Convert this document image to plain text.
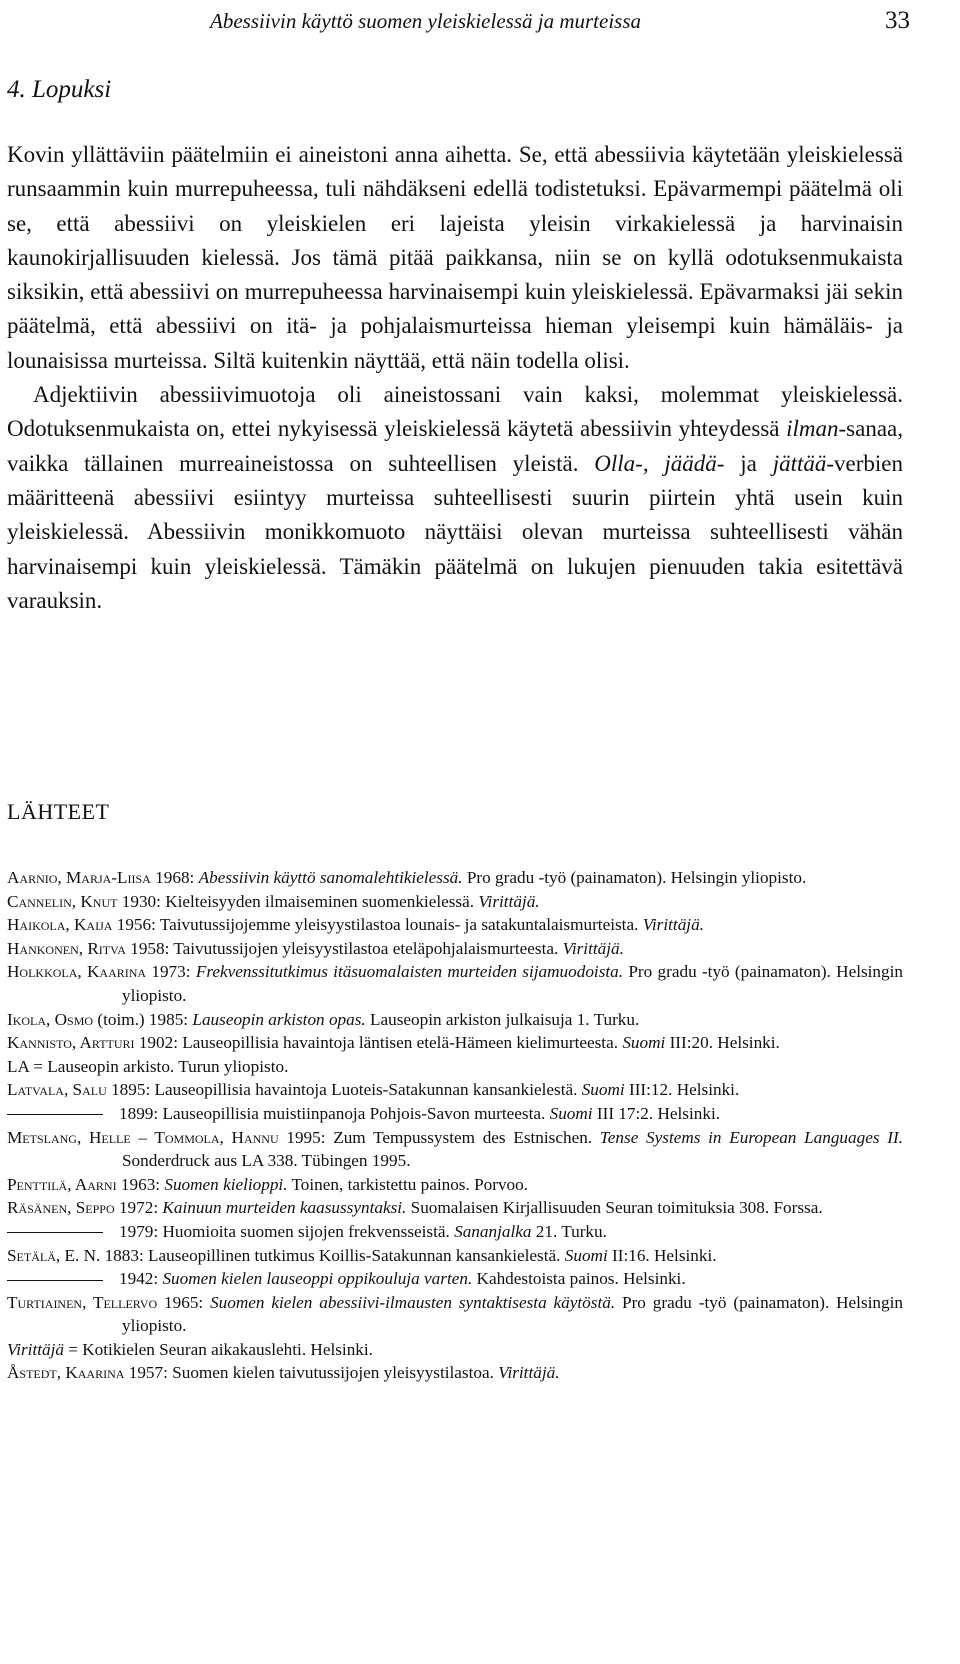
Abessiivin käyttö suomen yleiskielessä ja murteissa	33
4. Lopuksi

Kovin yllättäviin päätelmiin ei aineistoni anna aihetta. Se, että abessiivia käytetään yleiskielessä runsaammin kuin murrepuheessa, tuli nähdäkseni edellä todistetuksi. Epävarmempi päätelmä oli se, että abessiivi on yleiskielen eri lajeista yleisin virkakielessä ja harvinaisin kaunokirjallisuuden kielessä. Jos tämä pitää paikkansa, niin se on kyllä odotuksenmukaista siksikin, että abessiivi on murrepuheessa harvinaisempi kuin yleiskielessä. Epävarmaksi jäi sekin päätelmä, että abessiivi on itä- ja pohjalaismurteissa hieman yleisempi kuin hämäläis- ja lounaisissa murteissa. Siltä kuitenkin näyttää, että näin todella olisi.

Adjektiivin abessiivimuotoja oli aineistossani vain kaksi, molemmat yleiskielessä. Odotuksenmukaista on, ettei nykyisessä yleiskielessä käytetä abessiivin yhteydessä ilman-sanaa, vaikka tällainen murreaineistossa on suhteellisen yleistä. Olla-, jäädä- ja jättää-verbien määritteenä abessiivi esiintyy murteissa suhteellisesti suurin piirtein yhtä usein kuin yleiskielessä. Abessiivin monikkomuoto näyttäisi olevan murteissa suhteellisesti vähän harvinaisempi kuin yleiskielessä. Tämäkin päätelmä on lukujen pienuuden takia esitettävä varauksin.

LÄHTEET
Aarnio, Marja-Liisa 1968: Abessiivin käyttö sanomalehtikielessä. Pro gradu -työ (painamaton). Helsingin yliopisto.
Cannelin, Knut 1930: Kielteisyyden ilmaiseminen suomenkielessä. Virittäjä.
Haikola, Kaija 1956: Taivutussijojemme yleisyystilastoa lounais- ja satakuntalaismurteista. Virittäjä.
Hankonen, Ritva 1958: Taivutussijojen yleisyystilastoa eteläpohjalaismurteesta. Virittäjä.
Holkkola, Kaarina 1973: Frekvenssitutkimus itäsuomalaisten murteiden sijamuodoista. Pro gradu -työ (painamaton). Helsingin yliopisto.
Ikola, Osmo (toim.) 1985: Lauseopin arkiston opas. Lauseopin arkiston julkaisuja 1. Turku.
Kannisto, Artturi 1902: Lauseopillisia havaintoja läntisen etelä-Hämeen kielimurteesta. Suomi III:20. Helsinki.
LA = Lauseopin arkisto. Turun yliopisto.
Latvala, Salu 1895: Lauseopillisia havaintoja Luoteis-Satakunnan kansankielestä. Suomi III:12. Helsinki.
1899: Lauseopillisia muistiinpanoja Pohjois-Savon murteesta. Suomi III 17:2. Helsinki.
Metslang, Helle – Tommola, Hannu 1995: Zum Tempussystem des Estnischen. Tense Systems in European Languages II. Sonderdruck aus LA 338. Tübingen 1995.
Penttilä, Aarni 1963: Suomen kielioppi. Toinen, tarkistettu painos. Porvoo.
Räsänen, Seppo 1972: Kainuun murteiden kaasussyntaksi. Suomalaisen Kirjallisuuden Seuran toimituksia 308. Forssa.
1979: Huomioita suomen sijojen frekvensseistä. Sananjalka 21. Turku.
Setälä, E. N. 1883: Lauseopillinen tutkimus Koillis-Satakunnan kansankielestä. Suomi II:16. Helsinki.
1942: Suomen kielen lauseoppi oppikouluja varten. Kahdestoista painos. Helsinki.
Turtiainen, Tellervo 1965: Suomen kielen abessiivi-ilmausten syntaktisesta käytöstä. Pro gradu -työ (painamaton). Helsingin yliopisto.
Virittäjä = Kotikielen Seuran aikakauslehti. Helsinki.
Åstedt, Kaarina 1957: Suomen kielen taivutussijojen yleisyystilastoa. Virittäjä.
